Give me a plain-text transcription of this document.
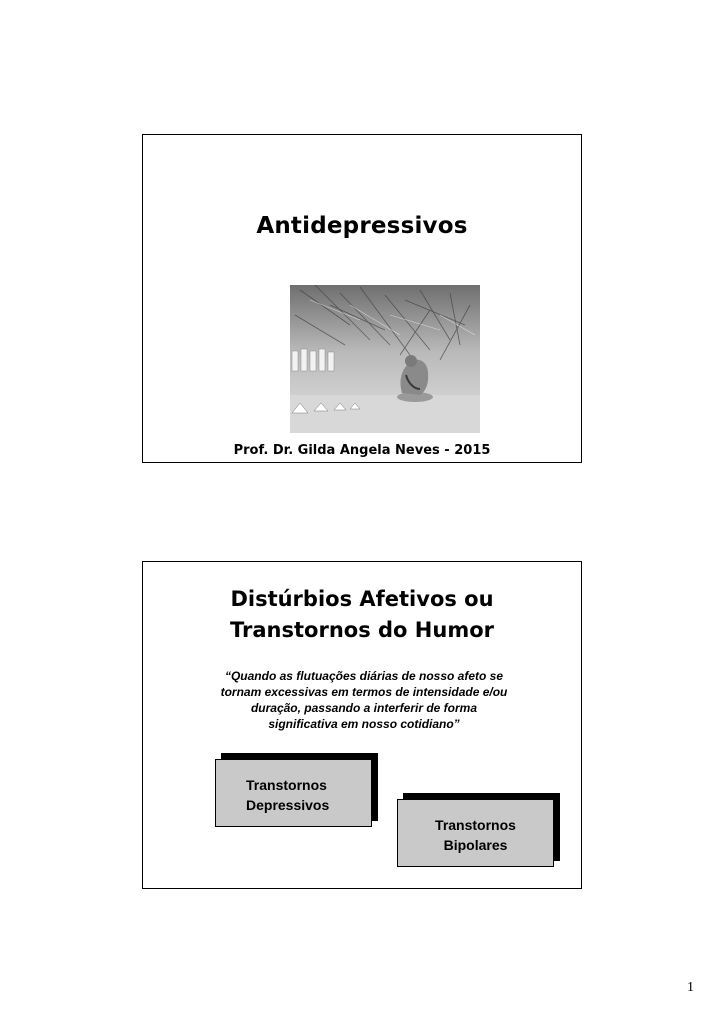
Antidepressivos
Prof. Dr. Gilda Angela Neves - 2015
Distúrbios Afetivos ou
Transtornos do Humor
“Quando as flutuações diárias de nosso afeto se
tornam excessivas em termos de intensidade e/ou
duração, passando a interferir de forma
significativa em nosso cotidiano”
Transtornos
Depressivos
Transtornos
Bipolares
1
